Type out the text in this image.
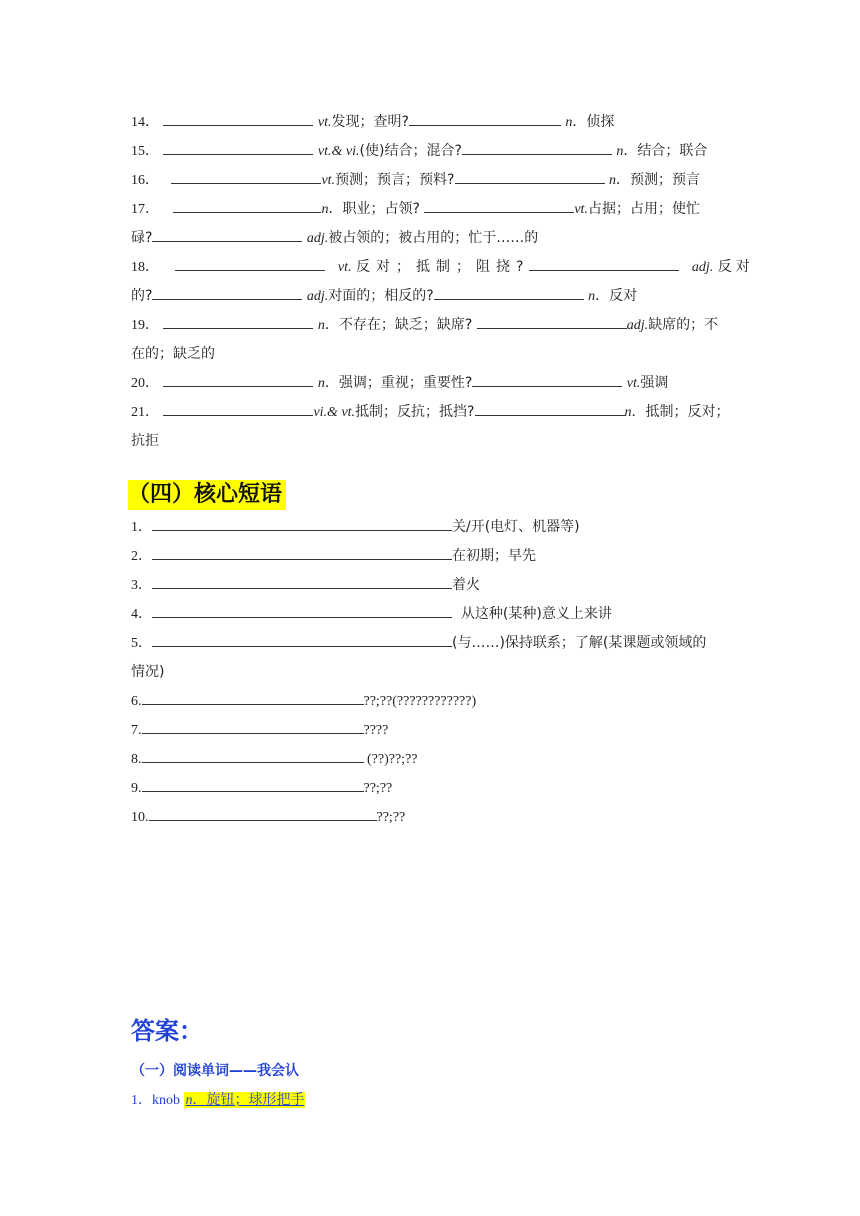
14．	vt.发现；查明?	n．侦探
15．	vt.& vi.(使)结合；混合?	n．结合；联合
16．	vt.预测；预言；预料?	n．预测；预言
17．	n．职业；占领?	vt.占据；占用；使忙
碌?	adj.被占领的；被占用的；忙于……的
18．	vt. 反对；抵制；阻挠?	adj. 反对
的?	adj.对面的；相反的?	n．反对
19．	n．不存在；缺乏；缺席?	adj.缺席的；不
在的；缺乏的
20．	n．强调；重视；重要性?	vt.强调
21．	vi.& vt.抵制；反抗；抵挡?	n．抵制；反对；
抗拒
（四）核心短语
1．	关/开(电灯、机器等)
2．	在初期；早先
3．	着火
4．	从这种(某种)意义上来讲
5．	(与……)保持联系；了解(某课题或领域的
情况)
6.	??;??(????????????)
7.	????
8.	(??)??;??
9.	??;??
10.	??;??
答案：
（一）阅读单词——我会认
1．knob n．旋钮；球形把手
